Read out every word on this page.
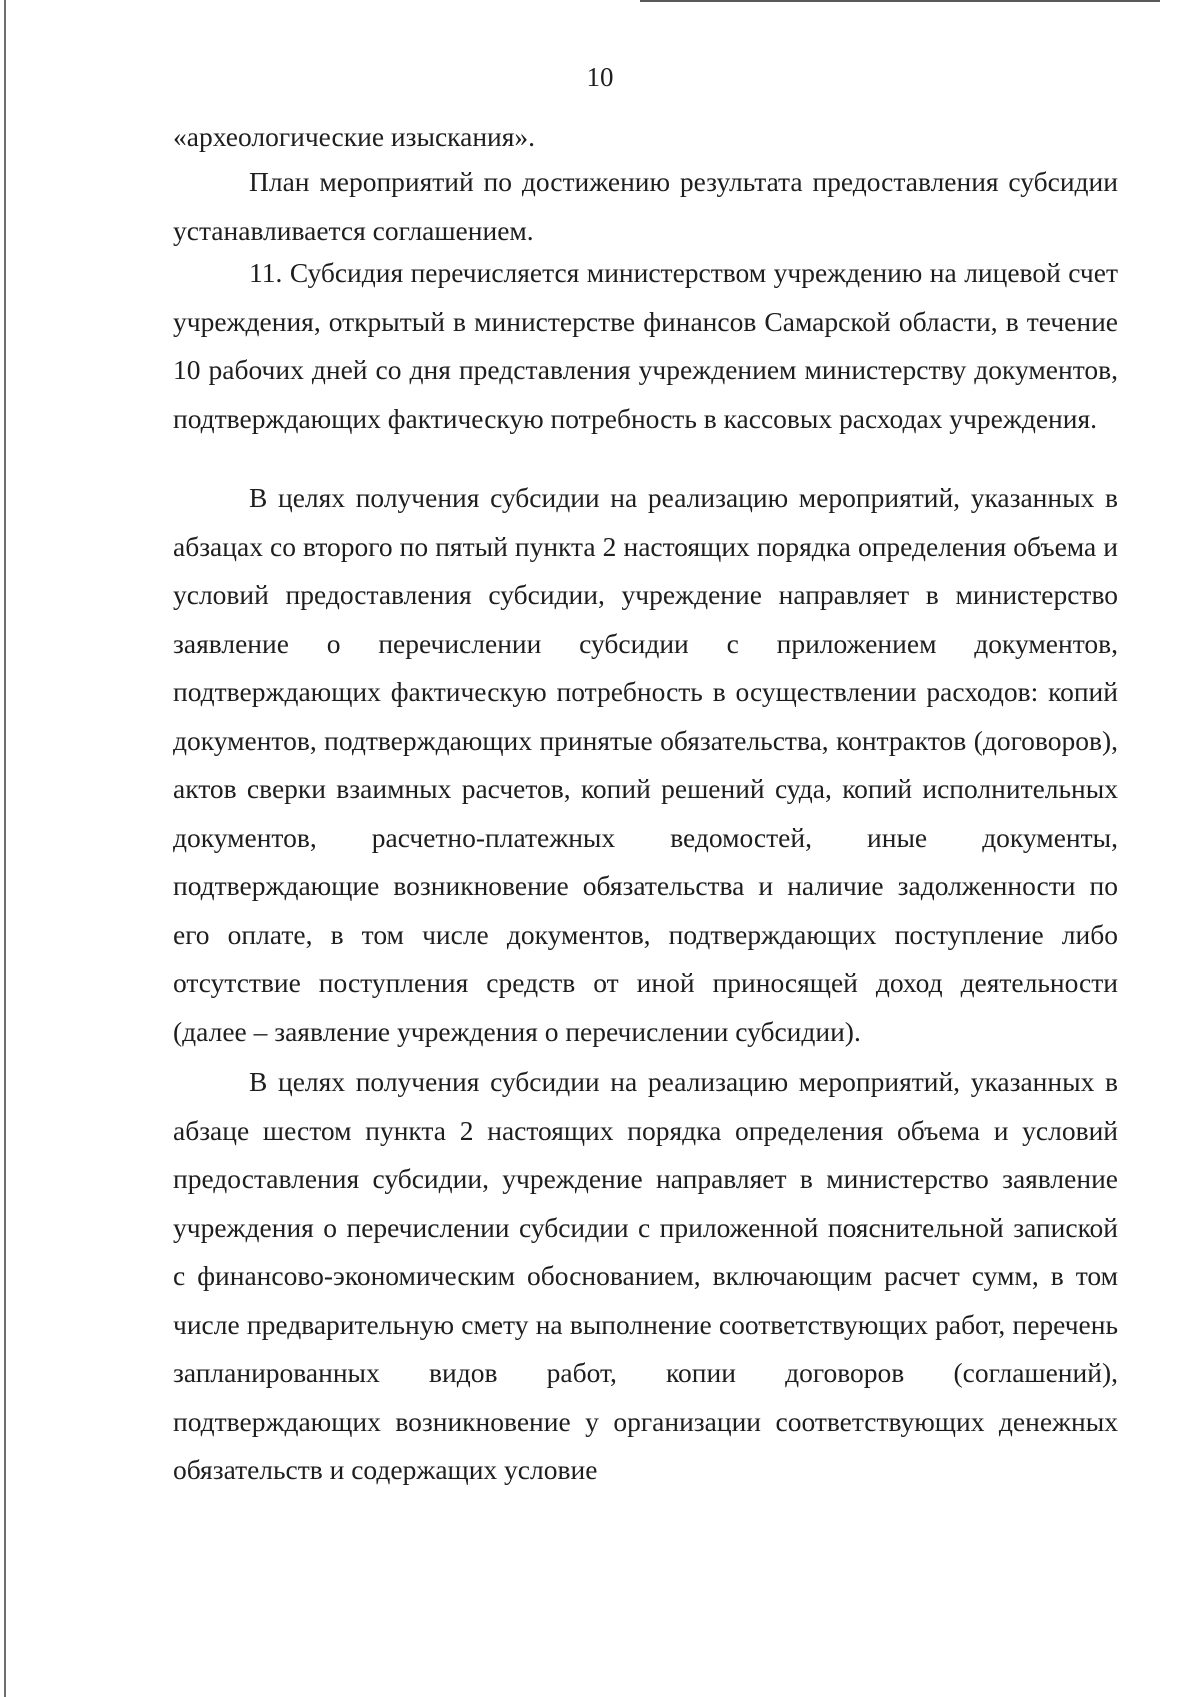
10

«археологические изыскания».

План мероприятий по достижению результата предоставления субсидии устанавливается соглашением.

11. Субсидия перечисляется министерством учреждению на лицевой счет учреждения, открытый в министерстве финансов Самарской области, в течение 10 рабочих дней со дня представления учреждением министерству документов, подтверждающих фактическую потребность в кассовых расходах учреждения.

В целях получения субсидии на реализацию мероприятий, указанных в абзацах со второго по пятый пункта 2 настоящих порядка определения объема и условий предоставления субсидии, учреждение направляет в министерство заявление о перечислении субсидии с приложением документов, подтверждающих фактическую потребность в осуществлении расходов: копий документов, подтверждающих принятые обязательства, контрактов (договоров), актов сверки взаимных расчетов, копий решений суда, копий исполнительных документов, расчетно-платежных ведомостей, иные документы, подтверждающие возникновение обязательства и наличие задолженности по его оплате, в том числе документов, подтверждающих поступление либо отсутствие поступления средств от иной приносящей доход деятельности (далее – заявление учреждения о перечислении субсидии).

В целях получения субсидии на реализацию мероприятий, указанных в абзаце шестом пункта 2 настоящих порядка определения объема и условий предоставления субсидии, учреждение направляет в министерство заявление учреждения о перечислении субсидии с приложенной пояснительной запиской с финансово-экономическим обоснованием, включающим расчет сумм, в том числе предварительную смету на выполнение соответствующих работ, перечень запланированных видов работ, копии договоров (соглашений), подтверждающих возникновение у организации соответствующих денежных обязательств и содержащих условие
